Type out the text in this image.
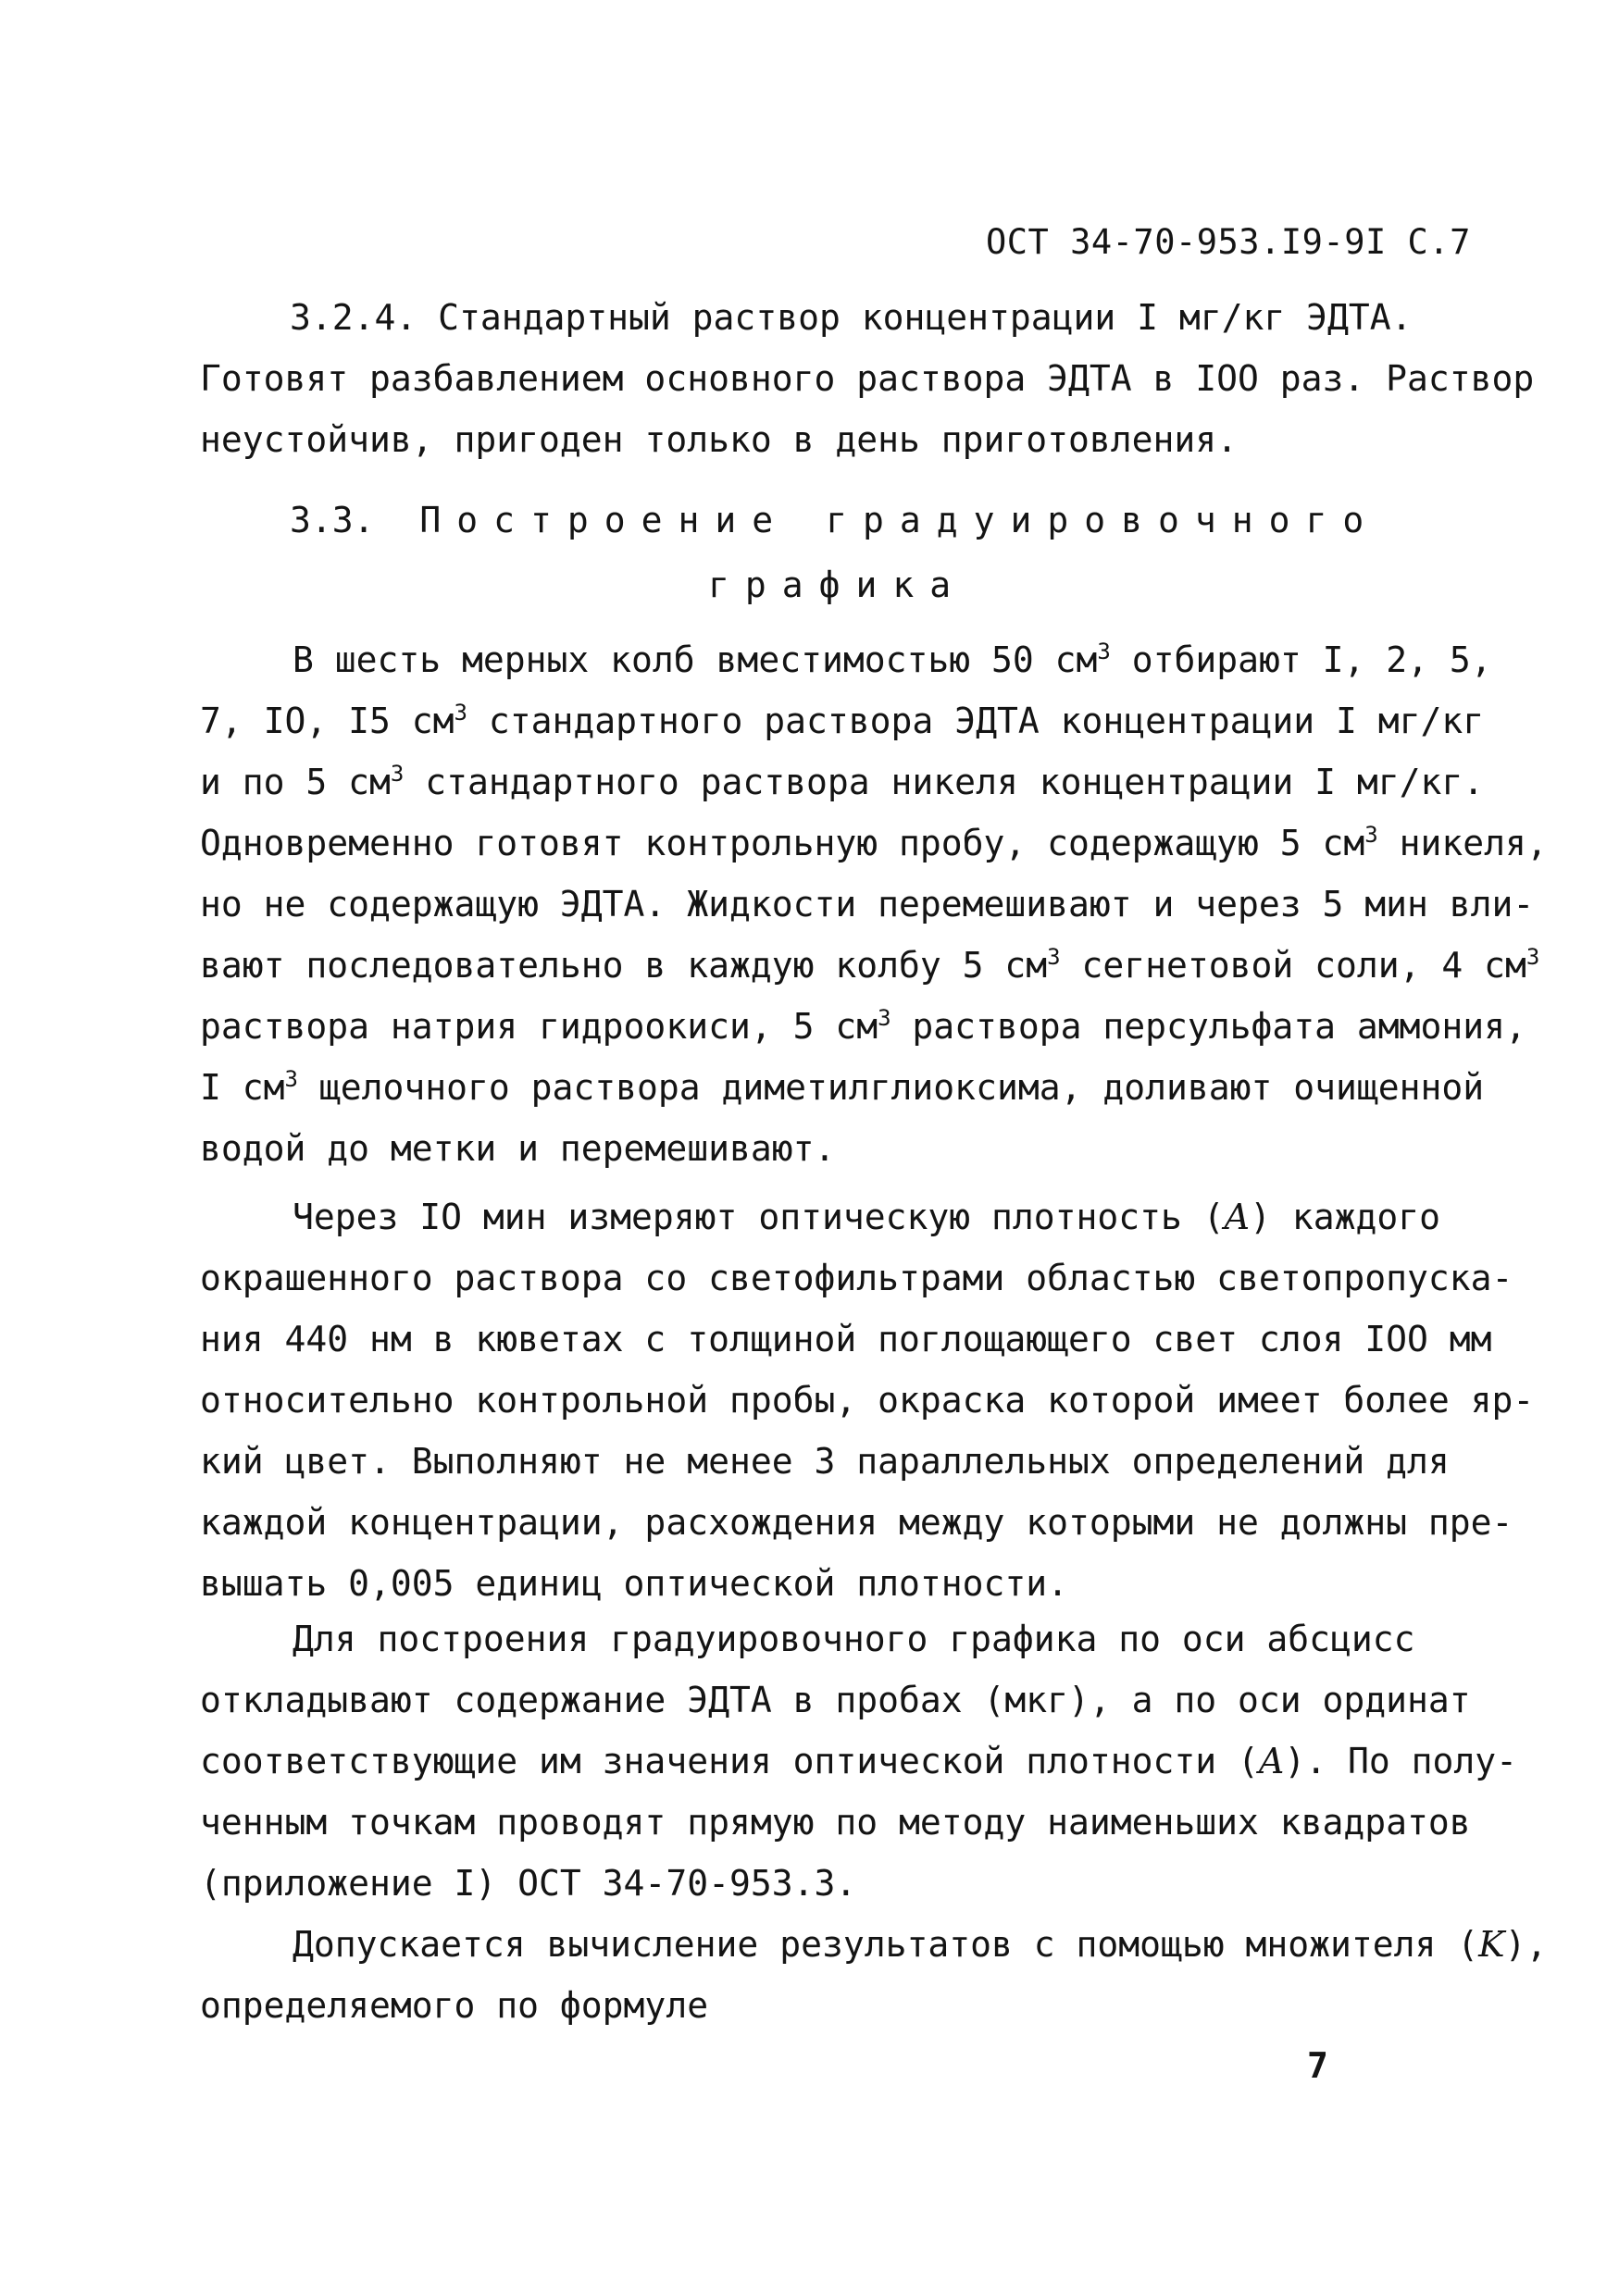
ОСТ 34-70-953.I9-9I С.7
3.2.4. Стандартный раствор концентрации I мг/кг ЭДТА.
Готовят разбавлением основного раствора ЭДТА в IОО раз. Раствор
неустойчив, пригоден только в день приготовления.
3.3. Построение градуировочного
графика
В шесть мерных колб вместимостью 50 $см^3$ отбирают I, 2, 5,
7, IО, I5 $см^3$ стандартного раствора ЭДТА концентрации I мг/кг
и по 5 $см^3$ стандартного раствора никеля концентрации I мг/кг.
Одновременно готовят контрольную пробу, содержащую 5 $см^3$ никеля,
но не содержащую ЭДТА. Жидкости перемешивают и через 5 мин вли-
вают последовательно в каждую колбу 5 $см^3$ сегнетовой соли, 4 $см^3$
раствора натрия гидроокиси, 5 $см^3$ раствора персульфата аммония,
I $см^3$ щелочного раствора диметилглиоксима, доливают очищенной
водой до метки и перемешивают.
Через IО мин измеряют оптическую плотность (A) каждого
окрашенного раствора со светофильтрами областью светопропуска-
ния 440 нм в кюветах с толщиной поглощающего свет слоя IОО мм
относительно контрольной пробы, окраска которой имеет более яр-
кий цвет. Выполняют не менее 3 параллельных определений для
каждой концентрации, расхождения между которыми не должны пре-
вышать 0,005 единиц оптической плотности.
Для построения градуировочного графика по оси абсцисс
откладывают содержание ЭДТА в пробах (мкг), а по оси ординат
соответствующие им значения оптической плотности (A). По полу-
ченным точкам проводят прямую по методу наименьших квадратов
(приложение I) ОСТ 34-70-953.3.
Допускается вычисление результатов с помощью множителя (K),
определяемого по формуле
7
